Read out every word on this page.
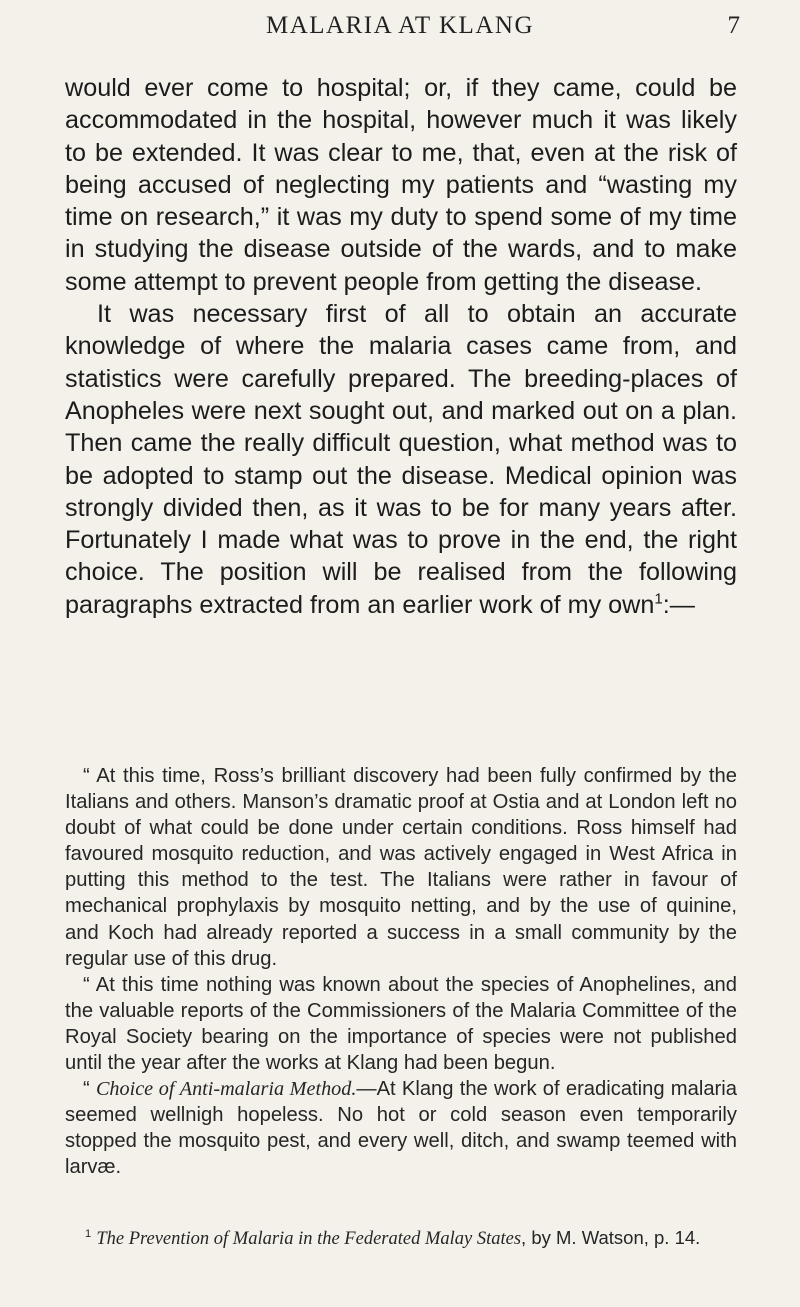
MALARIA AT KLANG	7

would ever come to hospital; or, if they came, could be accommodated in the hospital, however much it was likely to be extended. It was clear to me, that, even at the risk of being accused of neglecting my patients and “wasting my time on research,” it was my duty to spend some of my time in studying the disease outside of the wards, and to make some attempt to prevent people from getting the disease.

It was necessary first of all to obtain an accurate knowledge of where the malaria cases came from, and statistics were carefully prepared. The breeding-places of Anopheles were next sought out, and marked out on a plan. Then came the really difficult question, what method was to be adopted to stamp out the disease. Medical opinion was strongly divided then, as it was to be for many years after. Fortunately I made what was to prove in the end, the right choice. The position will be realised from the following paragraphs extracted from an earlier work of my own$^1$:—

“ At this time, Ross’s brilliant discovery had been fully confirmed by the Italians and others. Manson’s dramatic proof at Ostia and at London left no doubt of what could be done under certain conditions. Ross himself had favoured mosquito reduction, and was actively engaged in West Africa in putting this method to the test. The Italians were rather in favour of mechanical prophylaxis by mosquito netting, and by the use of quinine, and Koch had already reported a success in a small community by the regular use of this drug.

“ At this time nothing was known about the species of Anophelines, and the valuable reports of the Commissioners of the Malaria Committee of the Royal Society bearing on the importance of species were not published until the year after the works at Klang had been begun.

“ Choice of Anti-malaria Method.—At Klang the work of eradicating malaria seemed wellnigh hopeless. No hot or cold season even temporarily stopped the mosquito pest, and every well, ditch, and swamp teemed with larvæ.

$^1$ The Prevention of Malaria in the Federated Malay States, by M. Watson, p. 14.
